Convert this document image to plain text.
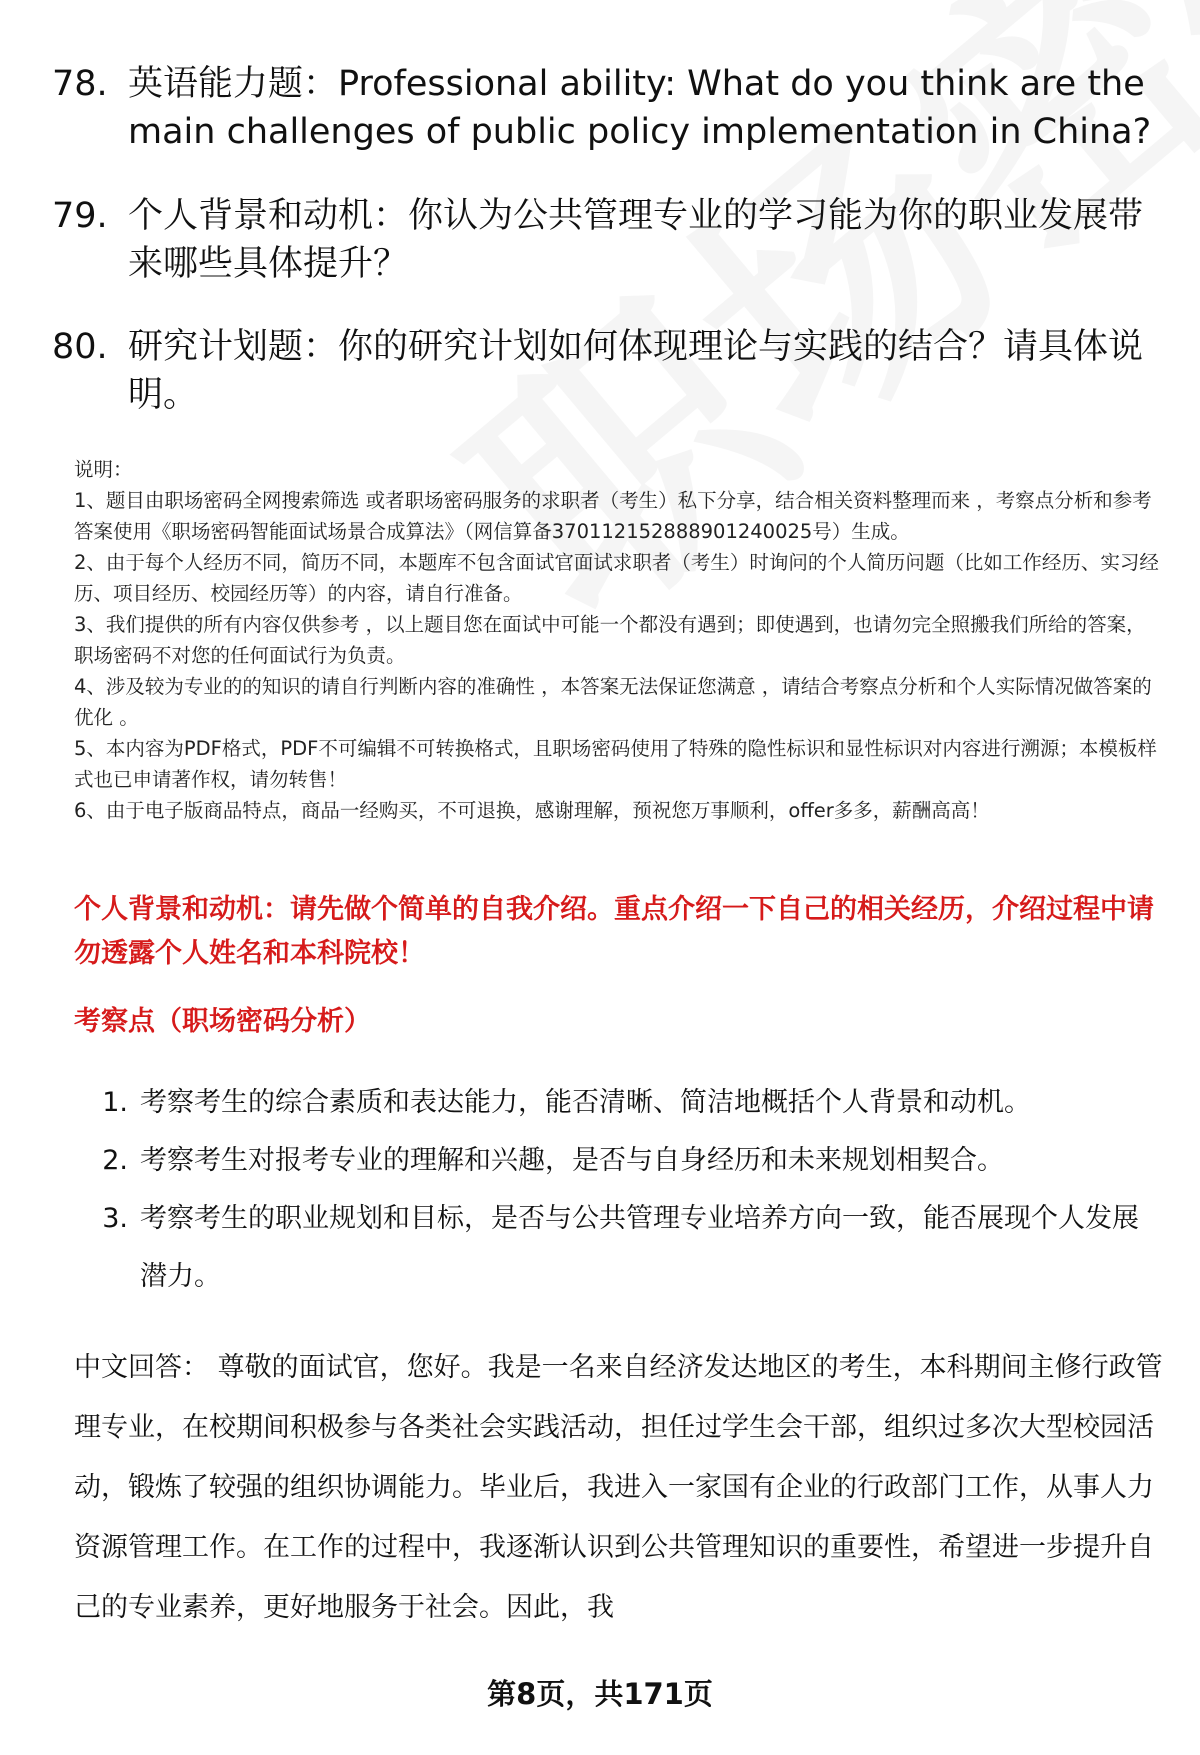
78. 英语能力题：Professional ability: What do you think are the main challenges of public policy implementation in China?
79. 个人背景和动机：你认为公共管理专业的学习能为你的职业发展带来哪些具体提升？
80. 研究计划题：你的研究计划如何体现理论与实践的结合？请具体说明。

说明：

1、题目由职场密码全网搜索筛选 或者职场密码服务的求职者（考生）私下分享，结合相关资料整理而来 ，考察点分析和参考答案使用《职场密码智能面试场景合成算法》（网信算备370112152888901240025号）生成。

2、由于每个人经历不同，简历不同，本题库不包含面试官面试求职者（考生）时询问的个人简历问题（比如工作经历、实习经历、项目经历、校园经历等）的内容，请自行准备。

3、我们提供的所有内容仅供参考 ，以上题目您在面试中可能一个都没有遇到；即使遇到，也请勿完全照搬我们所给的答案，职场密码不对您的任何面试行为负责。

4、涉及较为专业的的知识的请自行判断内容的准确性 ，本答案无法保证您满意 ，请结合考察点分析和个人实际情况做答案的优化 。

5、本内容为PDF格式，PDF不可编辑不可转换格式，且职场密码使用了特殊的隐性标识和显性标识对内容进行溯源；本模板样式也已申请著作权，请勿转售！

6、由于电子版商品特点，商品一经购买，不可退换，感谢理解，预祝您万事顺利，offer多多，薪酬高高！

个人背景和动机：请先做个简单的自我介绍。重点介绍一下自己的相关经历，介绍过程中请勿透露个人姓名和本科院校！
考察点（职场密码分析）
1. 考察考生的综合素质和表达能力，能否清晰、简洁地概括个人背景和动机。
2. 考察考生对报考专业的理解和兴趣，是否与自身经历和未来规划相契合。
3. 考察考生的职业规划和目标，是否与公共管理专业培养方向一致，能否展现个人发展潜力。
中文回答： 尊敬的面试官，您好。我是一名来自经济发达地区的考生，本科期间主修行政管理专业，在校期间积极参与各类社会实践活动，担任过学生会干部，组织过多次大型校园活动，锻炼了较强的组织协调能力。毕业后，我进入一家国有企业的行政部门工作，从事人力资源管理工作。在工作的过程中，我逐渐认识到公共管理知识的重要性，希望进一步提升自己的专业素养，更好地服务于社会。因此，我
第8页，共171页
